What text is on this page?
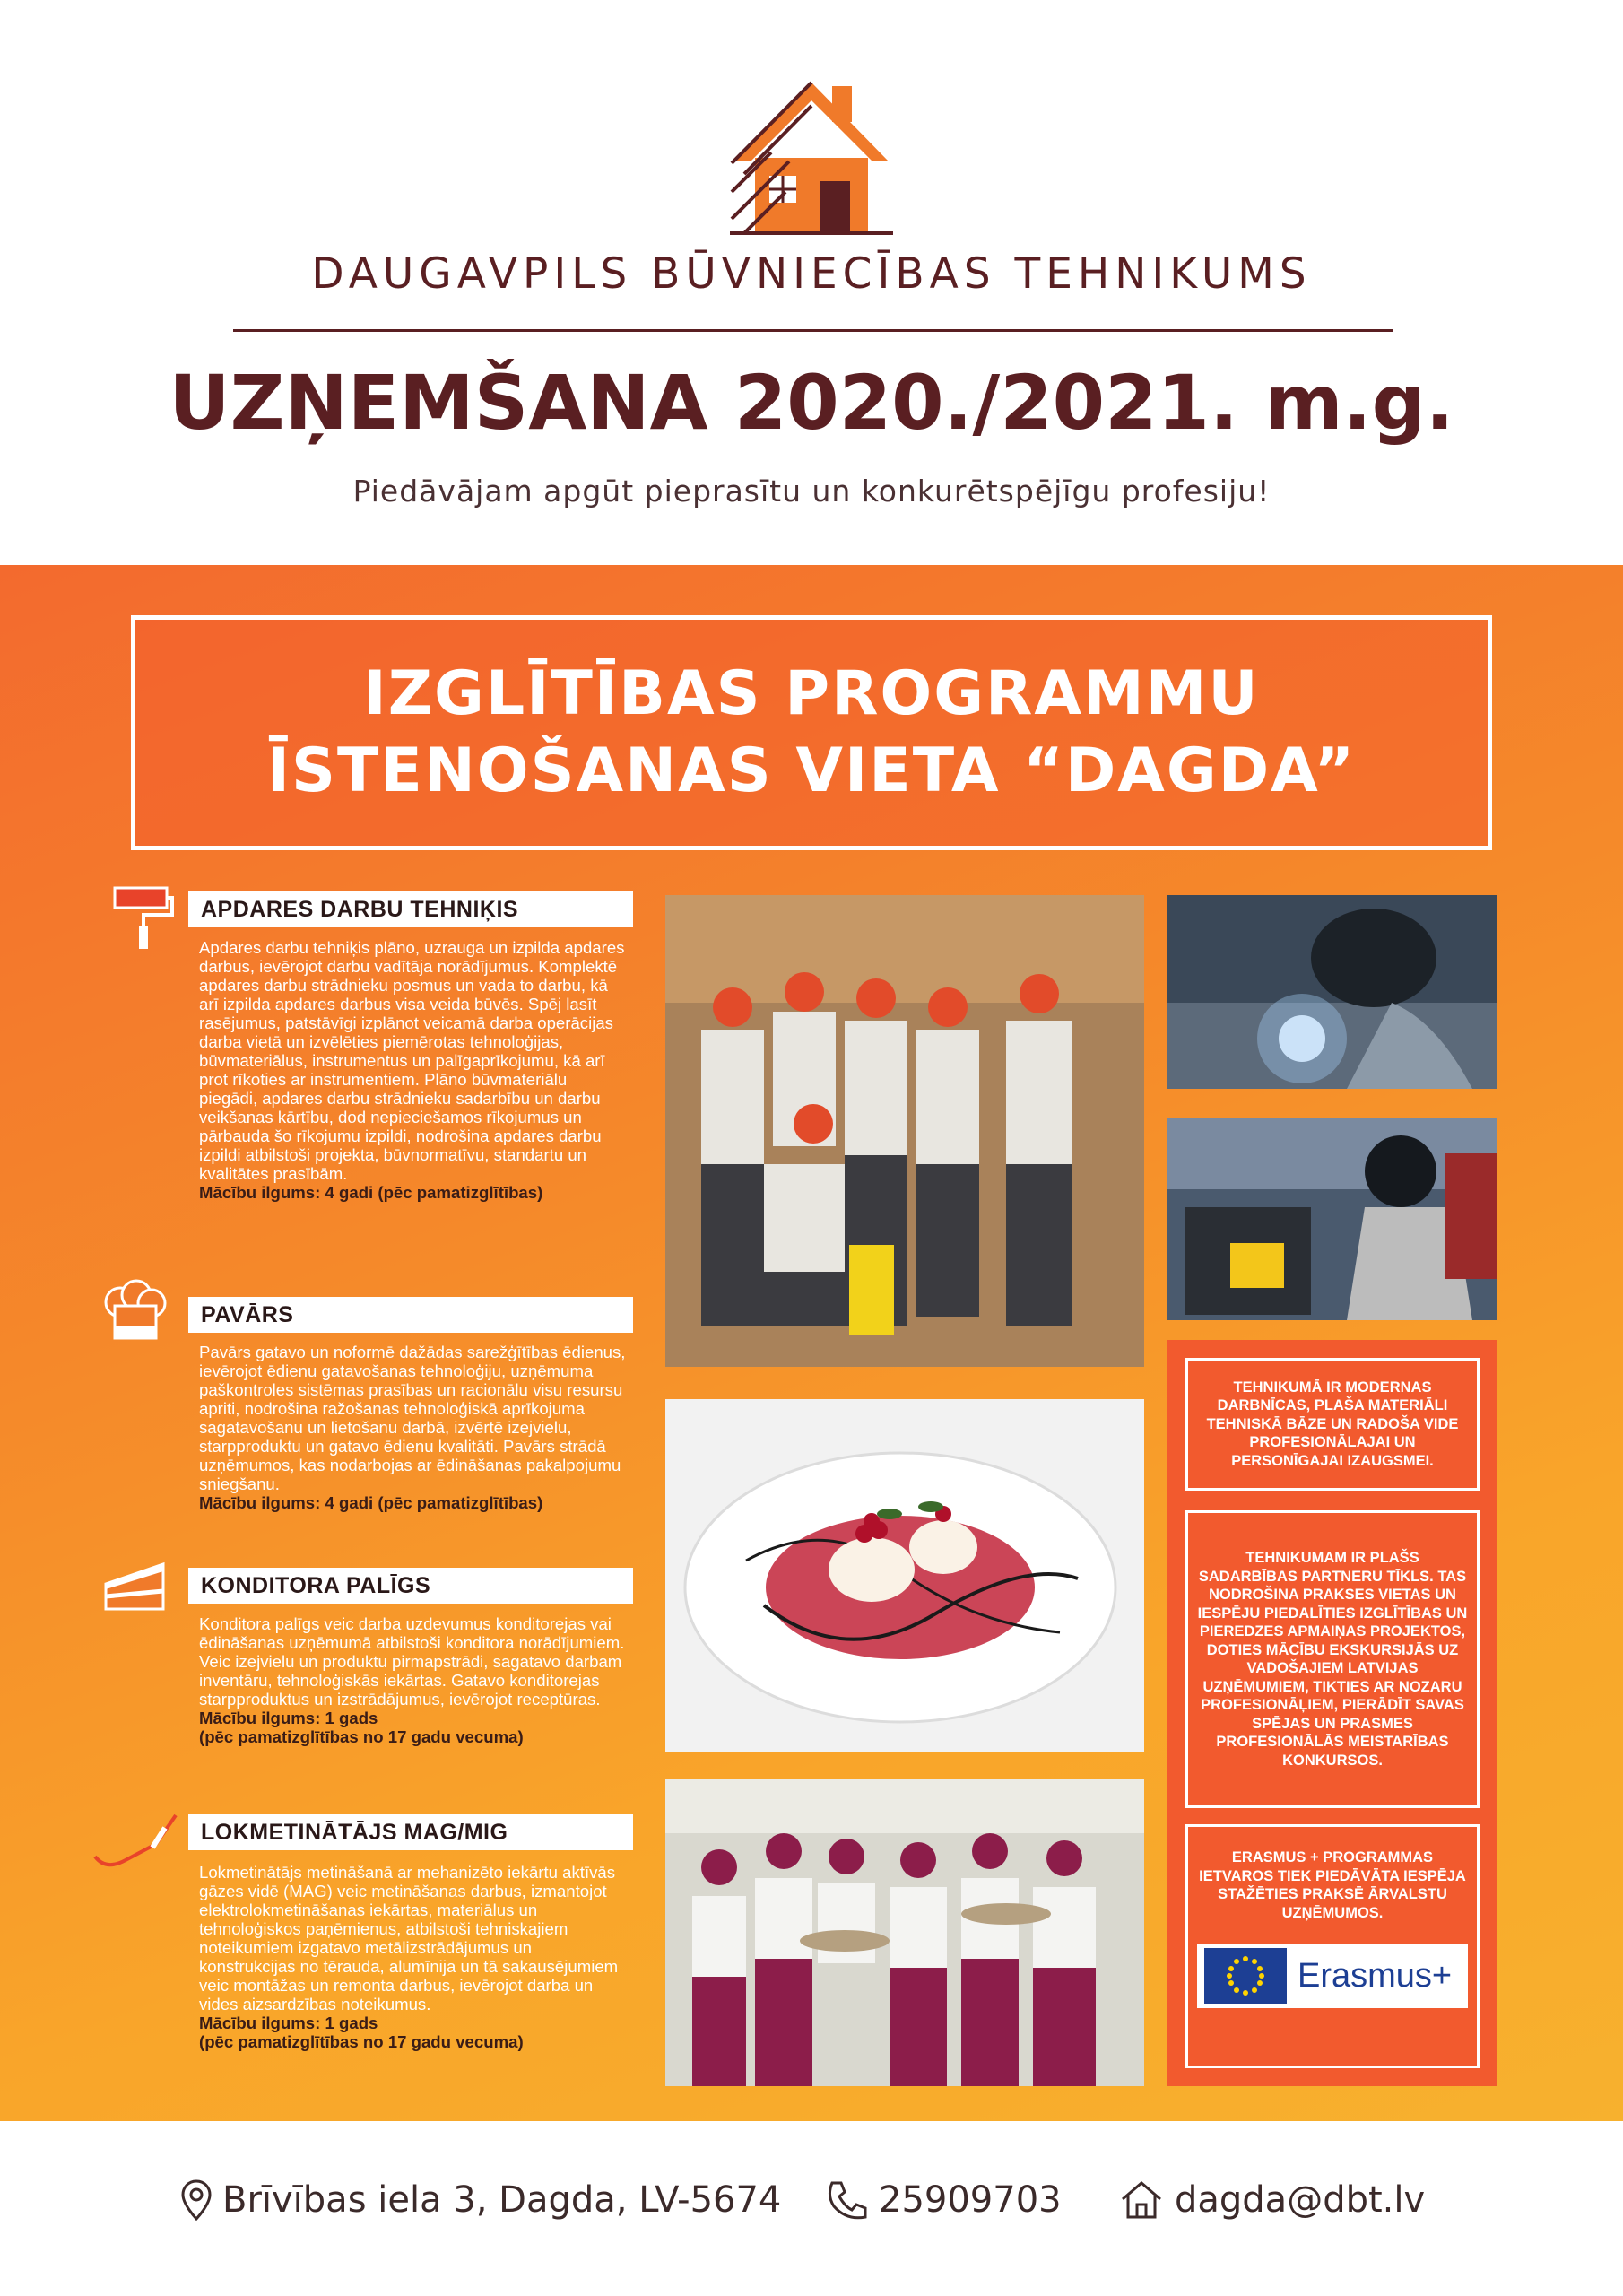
DAUGAVPILS BŪVNIECĪBAS TEHNIKUMS
UZŅEMŠANA 2020./2021. m.g.
Piedāvājam apgūt pieprasītu un konkurētspējīgu profesiju!
IZGLĪTĪBAS PROGRAMMU
ĪSTENOŠANAS VIETA “DAGDA”
APDARES DARBU TEHNIĶIS
Apdares darbu tehniķis plāno, uzrauga un izpilda apdares darbus, ievērojot darbu vadītāja norādījumus. Komplektē apdares darbu strādnieku posmus un vada to darbu, kā arī izpilda apdares darbus visa veida būvēs. Spēj lasīt rasējumus, patstāvīgi izplānot veicamā darba operācijas darba vietā un izvēlēties piemērotas tehnoloģijas, būvmateriālus, instrumentus un palīgaprīkojumu, kā arī prot rīkoties ar instrumentiem. Plāno būvmateriālu piegādi, apdares darbu strādnieku sadarbību un darbu veikšanas kārtību, dod nepieciešamos rīkojumus un pārbauda šo rīkojumu izpildi, nodrošina apdares darbu izpildi atbilstoši projekta, būvnormatīvu, standartu un kvalitātes prasībām.
Mācību ilgums: 4 gadi (pēc pamatizglītības)
PAVĀRS
Pavārs gatavo un noformē dažādas sarežģītības ēdienus, ievērojot ēdienu gatavošanas tehnoloģiju, uzņēmuma paškontroles sistēmas prasības un racionālu visu resursu apriti, nodrošina ražošanas tehnoloģiskā aprīkojuma sagatavošanu un lietošanu darbā, izvērtē izejvielu, starpproduktu un gatavo ēdienu kvalitāti. Pavārs strādā uzņēmumos, kas nodarbojas ar ēdināšanas pakalpojumu sniegšanu.
Mācību ilgums: 4 gadi (pēc pamatizglītības)
KONDITORA PALĪGS
Konditora palīgs veic darba uzdevumus konditorejas vai ēdināšanas uzņēmumā atbilstoši konditora norādījumiem. Veic izejvielu un produktu pirmapstrādi, sagatavo darbam inventāru, tehnoloģiskās iekārtas. Gatavo konditorejas starpproduktus un izstrādājumus, ievērojot receptūras.
Mācību ilgums: 1 gads
(pēc pamatizglītības no 17 gadu vecuma)
LOKMETINĀTĀJS MAG/MIG
Lokmetinātājs metināšanā ar mehanizēto iekārtu aktīvās gāzes vidē (MAG) veic metināšanas darbus, izmantojot elektrolokmetināšanas iekārtas, materiālus un tehnoloģiskos paņēmienus, atbilstoši tehniskajiem noteikumiem izgatavo metālizstrādājumus un konstrukcijas no tērauda, alumīnija un tā sakausējumiem veic montāžas un remonta darbus, ievērojot darba un vides aizsardzības noteikumus.
Mācību ilgums: 1 gads
(pēc pamatizglītības no 17 gadu vecuma)
TEHNIKUMĀ IR MODERNAS DARBNĪCAS, PLAŠA MATERIĀLI TEHNISKĀ BĀZE UN RADOŠA VIDE PROFESIONĀLAJAI UN PERSONĪGAJAI IZAUGSMEI.
TEHNIKUMAM IR PLAŠS SADARBĪBAS PARTNERU TĪKLS. TAS NODROŠINA PRAKSES VIETAS UN IESPĒJU PIEDALĪTIES IZGLĪTĪBAS UN PIEREDZES APMAIŅAS PROJEKTOS, DOTIES MĀCĪBU EKSKURSIJĀS UZ VADOŠAJIEM LATVIJAS UZŅĒMUMIEM, TIKTIES AR NOZARU PROFESIONĀĻIEM, PIERĀDĪT SAVAS SPĒJAS UN PRASMES PROFESIONĀLĀS MEISTARĪBAS KONKURSOS.
ERASMUS + PROGRAMMAS IETVAROS TIEK PIEDĀVĀTA IESPĒJA STAŽĒTIES PRAKSĒ ĀRVALSTU UZŅĒMUMOS.
Erasmus+
Brīvības iela 3, Dagda, LV-5674	25909703	dagda@dbt.lv
